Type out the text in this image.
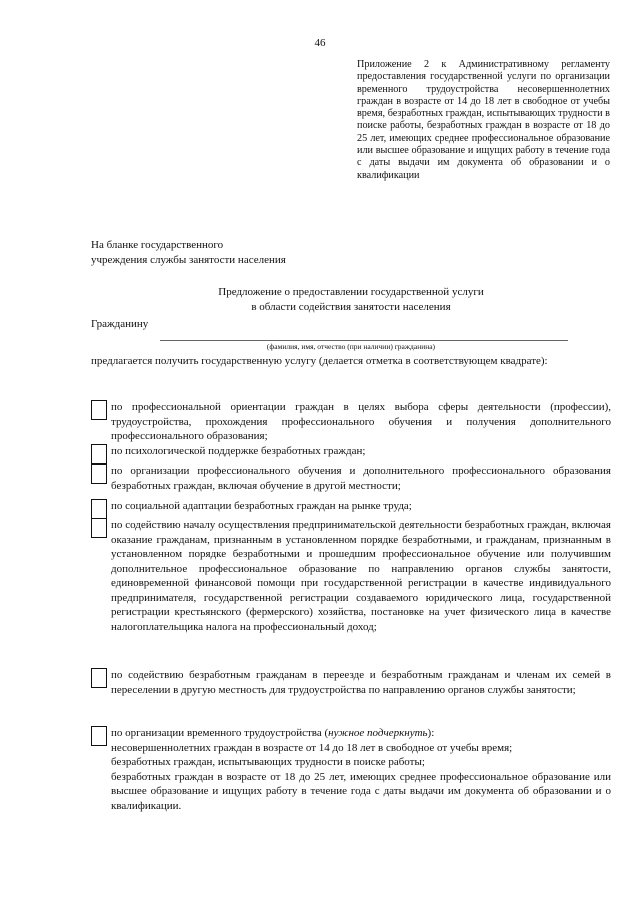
46
Приложение 2 к Административному регламенту предоставления государственной услуги по организации временного трудоустройства несовершеннолетних граждан в возрасте от 14 до 18 лет в свободное от учебы время, безработных граждан, испытывающих трудности в поиске работы, безработных граждан в возрасте от 18 до 25 лет, имеющих среднее профессиональное образование или высшее образование и ищущих работу в течение года с даты выдачи им документа об образовании и о квалификации
На бланке государственного
учреждения службы занятости населения
Предложение о предоставлении государственной услуги
в области содействия занятости населения
Гражданину
(фамилия, имя, отчество (при наличии) гражданина)
предлагается получить государственную услугу (делается отметка в соответствующем квадрате):

по профессиональной ориентации граждан в целях выбора сферы деятельности (профессии), трудоустройства, прохождения профессионального обучения и получения дополнительного профессионального образования;

по психологической поддержке безработных граждан;

по организации профессионального обучения и дополнительного профессионального образования безработных граждан, включая обучение в другой местности;

по социальной адаптации безработных граждан на рынке труда;

по содействию началу осуществления предпринимательской деятельности безработных граждан, включая оказание гражданам, признанным в установленном порядке безработными, и гражданам, признанным в установленном порядке безработными и прошедшим профессиональное обучение или получившим дополнительное профессиональное образование по направлению органов службы занятости, единовременной финансовой помощи при государственной регистрации в качестве индивидуального предпринимателя, государственной регистрации создаваемого юридического лица, государственной регистрации крестьянского (фермерского) хозяйства, постановке на учет физического лица в качестве налогоплательщика налога на профессиональный доход;

по содействию безработным гражданам в переезде и безработным гражданам и членам их семей в переселении в другую местность для трудоустройства по направлению органов службы занятости;

по организации временного трудоустройства (нужное подчеркнуть):

несовершеннолетних граждан в возрасте от 14 до 18 лет в свободное от учебы время;

безработных граждан, испытывающих трудности в поиске работы;

безработных граждан в возрасте от 18 до 25 лет, имеющих среднее профессиональное образование или высшее образование и ищущих работу в течение года с даты выдачи им документа об образовании и о квалификации.
